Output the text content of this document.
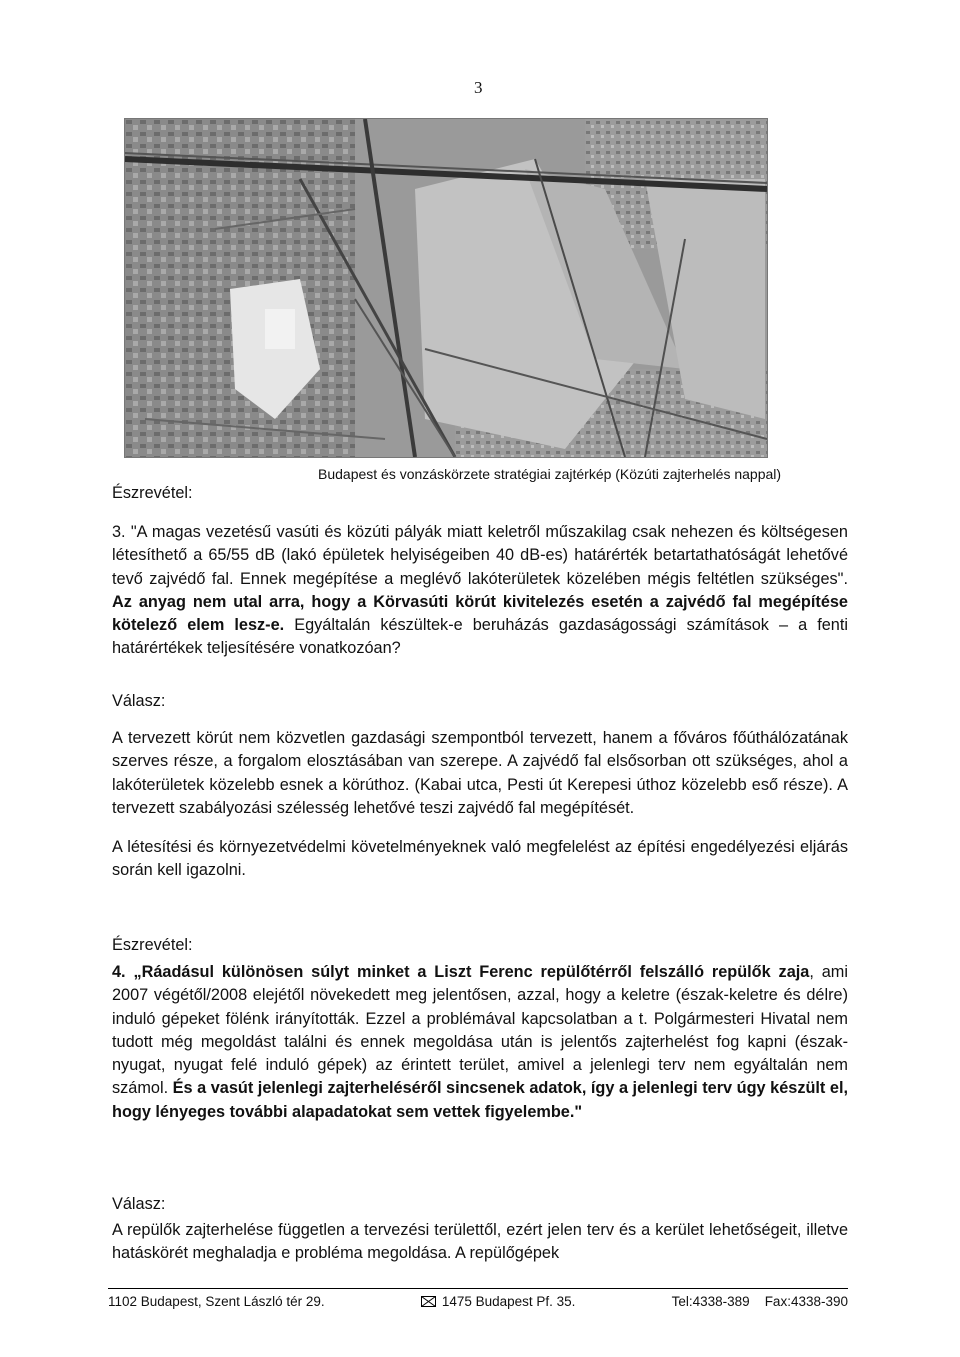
3
Budapest és vonzáskörzete stratégiai zajtérkép (Közúti zajterhelés nappal)
Észrevétel:

3. "A magas vezetésű vasúti és közúti pályák miatt keletről műszakilag csak nehezen és költségesen létesíthető a 65/55 dB (lakó épületek helyiségeiben 40 dB-es) határérték betartathatóságát lehetővé tevő zajvédő fal. Ennek megépítése a meglévő lakóterületek közelében mégis feltétlen szükséges". Az anyag nem utal arra, hogy a Körvasúti körút kivitelezés esetén a zajvédő fal megépítése kötelező elem lesz-e. Egyáltalán készültek-e beruházás gazdaságossági számítások – a fenti határértékek teljesítésére vonatkozóan?

Válasz:

A tervezett körút nem közvetlen gazdasági szempontból tervezett, hanem a főváros főúthálózatának szerves része, a forgalom elosztásában van szerepe. A zajvédő fal elsősorban ott szükséges, ahol a lakóterületek közelebb esnek a körúthoz. (Kabai utca, Pesti út Kerepesi úthoz közelebb eső része). A tervezett szabályozási szélesség lehetővé teszi zajvédő fal megépítését.

A létesítési és környezetvédelmi követelményeknek való megfelelést az építési engedélyezési eljárás során kell igazolni.

Észrevétel:

4. „Ráadásul különösen súlyt minket a Liszt Ferenc repülőtérről felszálló repülők zaja, ami 2007 végétől/2008 elejétől növekedett meg jelentősen, azzal, hogy a keletre (észak-keletre és délre) induló gépeket fölénk irányították. Ezzel a problémával kapcsolatban a t. Polgármesteri Hivatal nem tudott még megoldást találni és ennek megoldása után is jelentős zajterhelést fog kapni (észak-nyugat, nyugat felé induló gépek) az érintett terület, amivel a jelenlegi terv nem egyáltalán nem számol. És a vasút jelenlegi zajterheléséről sincsenek adatok, így a jelenlegi terv úgy készült el, hogy lényeges további alapadatokat sem vettek figyelembe."

Válasz:

A repülők zajterhelése független a tervezési területtől, ezért jelen terv és a kerület lehetőségeit, illetve hatáskörét meghaladja e probléma megoldása. A repülőgépek

1102 Budapest, Szent László tér 29.	1475 Budapest Pf. 35.	Tel:4338-389 Fax:4338-390
